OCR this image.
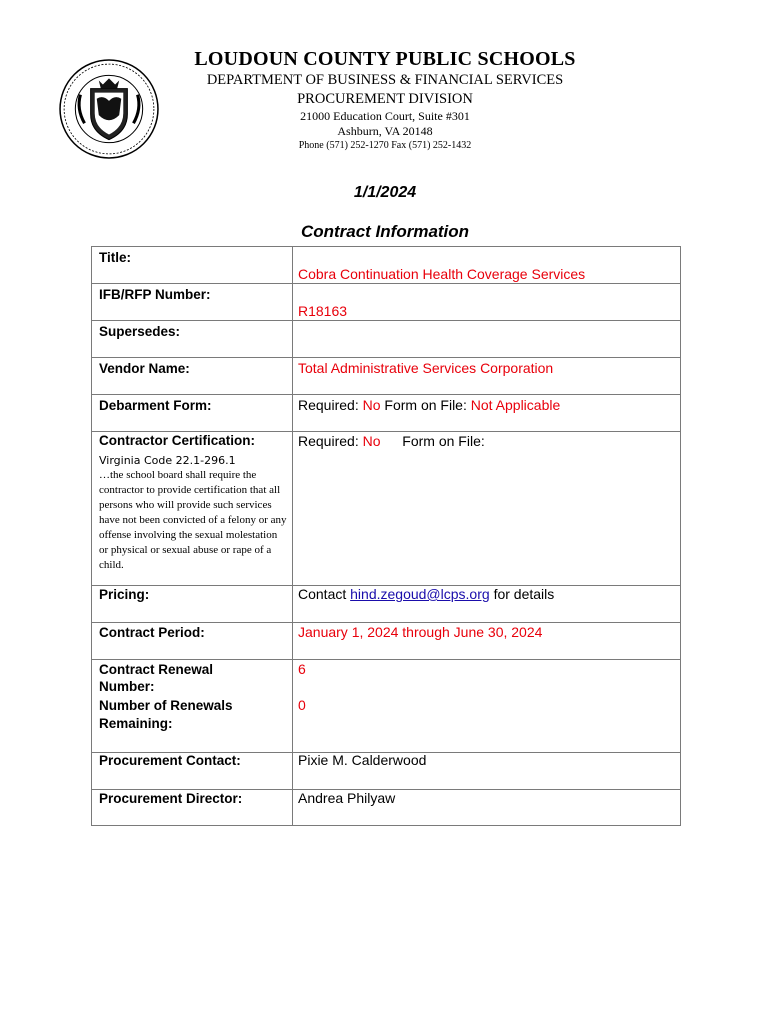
LOUDOUN COUNTY PUBLIC SCHOOLS
DEPARTMENT OF BUSINESS & FINANCIAL SERVICES
PROCUREMENT DIVISION
21000 Education Court, Suite #301
Ashburn, VA 20148
Phone (571) 252-1270 Fax (571) 252-1432
1/1/2024
Contract Information
Title:
Cobra Continuation Health Coverage Services
IFB/RFP Number:
R18163
Supersedes:
Vendor Name:	Total Administrative Services Corporation
Debarment Form:	Required: No Form on File: Not Applicable
Contractor Certification:
Virginia Code 22.1-296.1
…the school board shall require the contractor to provide certification that all persons who will provide such services have not been convicted of a felony or any offense involving the sexual molestation or physical or sexual abuse or rape of a child.
Required: No Form on File:
Pricing:	Contact hind.zegoud@lcps.org for details
Contract Period:	January 1, 2024 through June 30, 2024
Contract Renewal Number:
6
Number of Renewals Remaining:
0
Procurement Contact:	Pixie M. Calderwood
Procurement Director:	Andrea Philyaw
